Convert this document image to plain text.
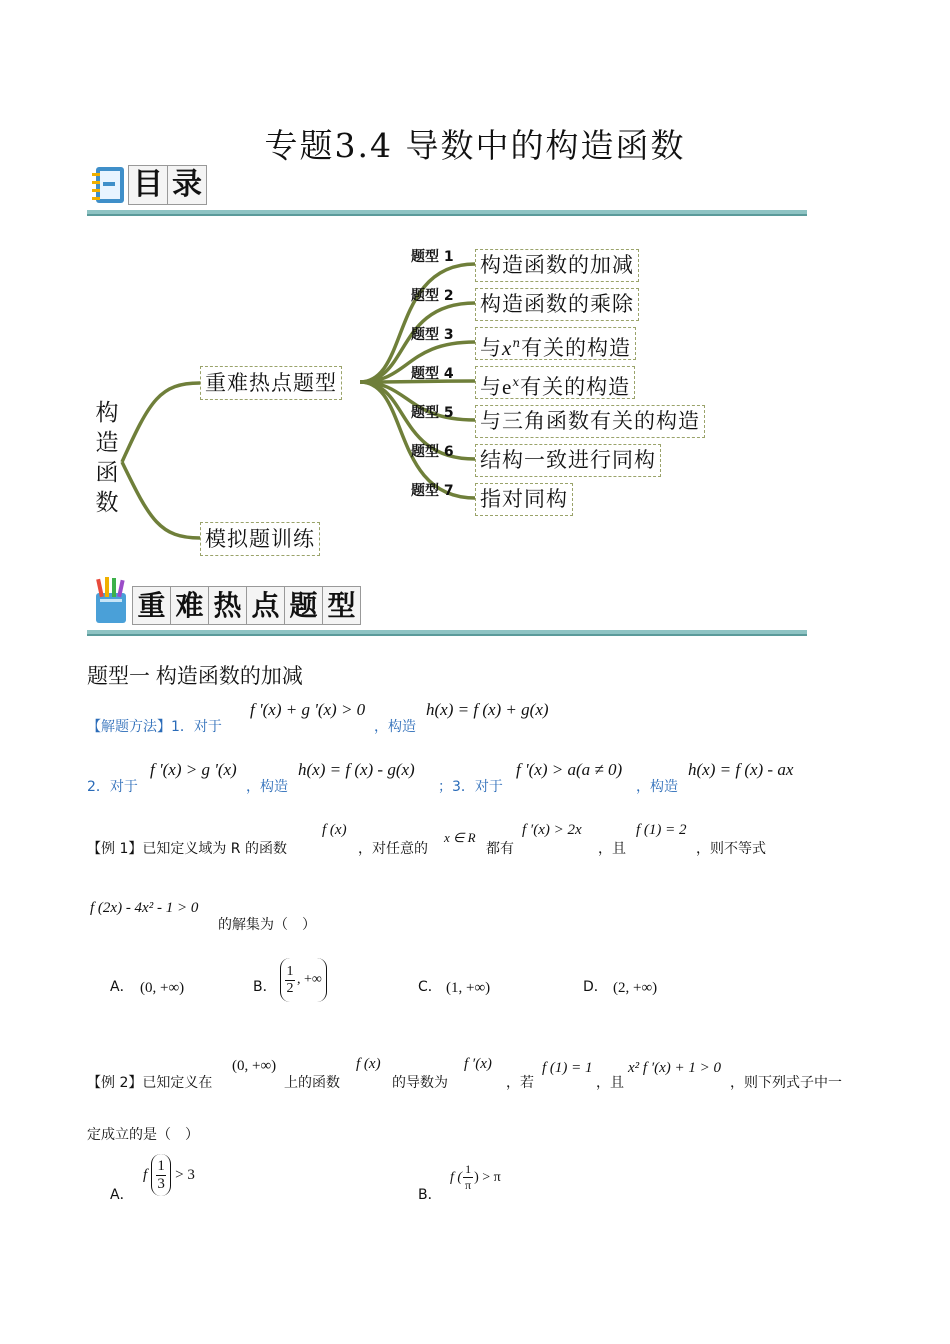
专题3.4 导数中的构造函数
目 录
构
造
函
数
重难热点题型
模拟题训练
题型 1
题型 2
题型 3
题型 4
题型 5
题型 6
题型 7
构造函数的加减
构造函数的乘除
与$x^n$有关的构造
与$e^x$有关的构造
与三角函数有关的构造
结构一致进行同构
指对同构
重 难 热 点 题 型
题型一 构造函数的加减
【解题方法】1．对于
f '(x) + g '(x) > 0
，构造
h(x) = f (x) + g(x)
2．对于
f '(x) > g '(x)
，构造
h(x) = f (x) - g(x)
；3．对于
f '(x) > a(a ≠ 0)
，构造
h(x) = f (x) - ax
【例 1】已知定义域为 R 的函数
f (x)
，对任意的
x ∈ R
都有
f ′(x) > 2x
，且
f (1) = 2
，则不等式
f (2x) - 4x² - 1 > 0
的解集为（　）
A． (0, +∞)	B． $\frac{1}{2}$ , +∞	C． (1, +∞)	D． (2, +∞)
【例 2】已知定义在
(0, +∞)
上的函数
f (x)
的导数为
f ′(x)
，若
f (1) = 1
，且
x² f ′(x) + 1 > 0
，则下列式子中一
定成立的是（　）
A．
f $\frac{1}{3} > 3$
B．
f ( $\frac{1}{\pi}$ ) > π
